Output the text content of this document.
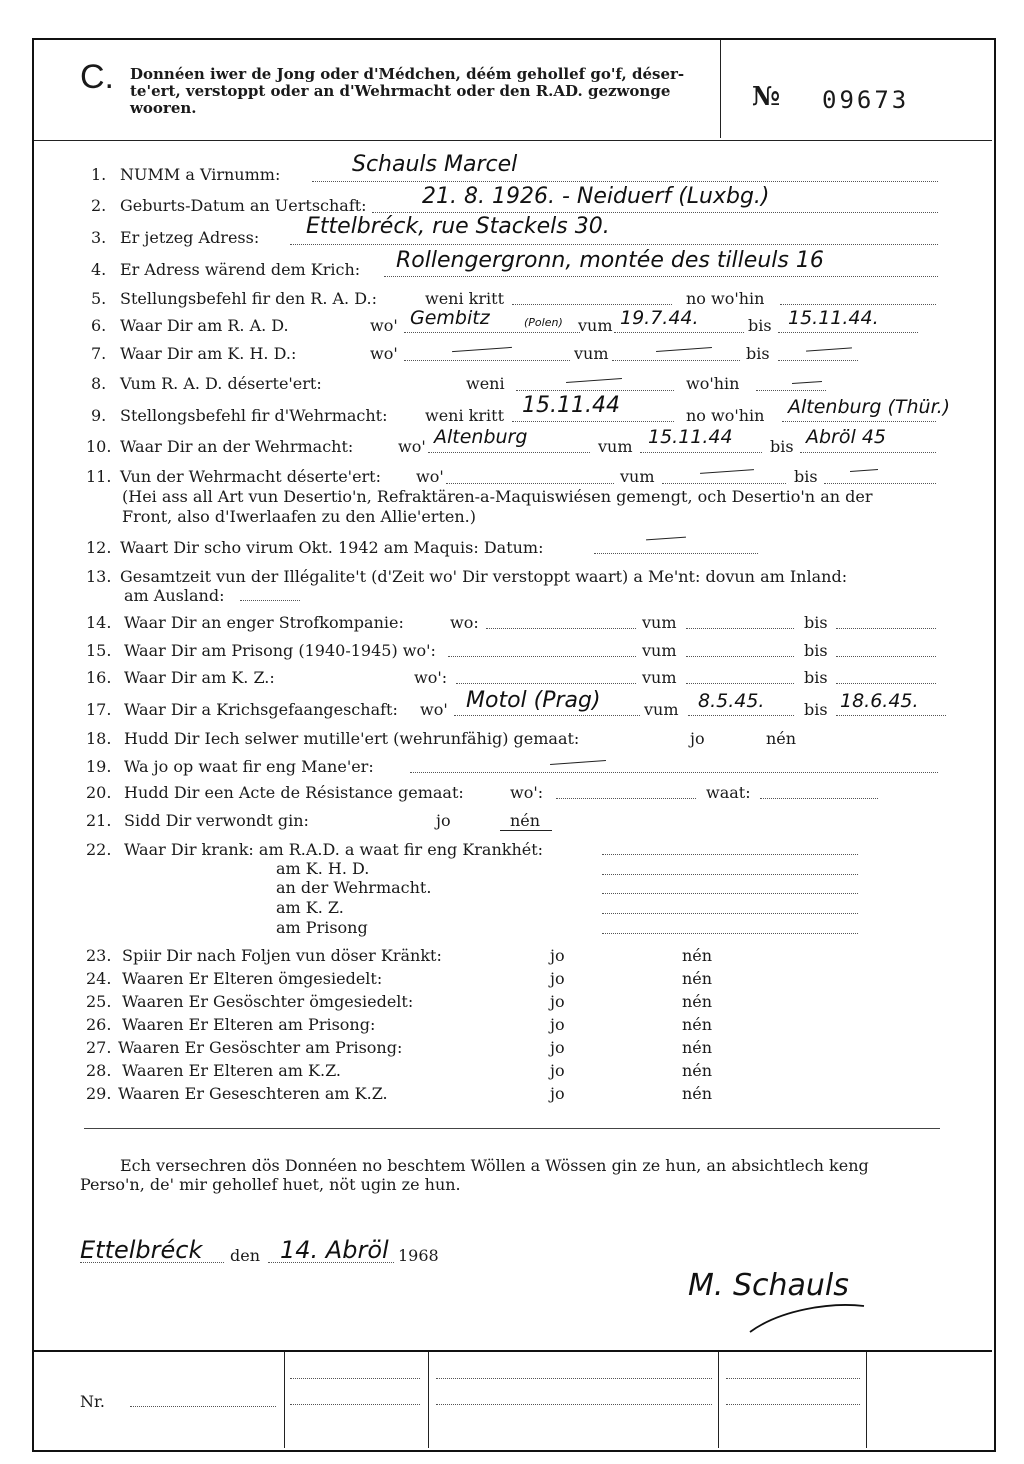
C. Donnéen iwer de Jong oder d'Médchen, déém gehollef go'f, déser-te'ert, verstoppt oder an d'Wehrmacht oder den R.AD. gezwonge wooren.	№ 09673
1. NUMM a Virnumm:	Schauls Marcel
2. Geburts-Datum an Uertschaft:	21. 8. 1926. - Neiduerf (Luxbg.)
3. Er jetzeg Adress: Ettelbréck, rue Stackels 30.
4. Er Adress wärend dem Krich: Rollengergronn, montée des tilleuls 16
5. Stellungsbefehl fir den R. A. D.:	weni kritt	no wo'hin
6. Waar Dir am R. A. D.	wo' Gembitz	(Polen) vum 19.7.44.	bis 15.11.44.
7. Waar Dir am K. H. D.:	wo'	vum	bis
8. Vum R. A. D. déserte'ert:	weni	wo'hin
9. Stellongsbefehl fir d'Wehrmacht: weni kritt 15.11.44	no wo'hin Altenburg (Thür.)
10. Waar Dir an der Wehrmacht:	wo' Altenburg	vum 15.11.44 bis Abröl 45
11. Vun der Wehrmacht déserte'ert: wo'	vum	bis
(Hei ass all Art vun Desertio'n, Refraktären-a-Maquiswiésen gemengt, och Desertio'n an der
Front, also d'Iwerlaafen zu den Allie'erten.)
12. Waart Dir scho virum Okt. 1942 am Maquis: Datum:
13. Gesamtzeit vun der Illégalite't (d'Zeit wo' Dir verstoppt waart) a Me'nt: dovun am Inland:
am Ausland:
14. Waar Dir an enger Strofkompanie:	wo:	vum	bis
15. Waar Dir am Prisong (1940-1945) wo':	vum	bis
16. Waar Dir am K. Z.:	wo':	vum	bis
17. Waar Dir a Krichsgefaangeschaft: wo' Motol (Prag)	vum 8.5.45. bis 18.6.45.
18. Hudd Dir Iech selwer mutille'ert (wehrunfähig) gemaat:	jo	nén
19. Wa jo op waat fir eng Mane'er:
20. Hudd Dir een Acte de Résistance gemaat:	wo':	waat:
21. Sidd Dir verwondt gin:	jo	nén
22. Waar Dir krank: am R.A.D. a waat fir eng Krankhét:
am K. H. D.
an der Wehrmacht.
am K. Z.
am Prisong
23. Spiir Dir nach Foljen vun döser Kränkt:	jo	nén
24. Waaren Er Elteren ömgesiedelt:	jo	nén
25. Waaren Er Gesöschter ömgesiedelt:	jo	nén
26. Waaren Er Elteren am Prisong:	jo	nén
27. Waaren Er Gesöschter am Prisong:	jo	nén
28. Waaren Er Elteren am K.Z.	jo	nén
29. Waaren Er Geseschteren am K.Z.	jo	nén
Ech versechren dös Donnéen no beschtem Wöllen a Wössen gin ze hun, an absichtlech keng
Perso'n, de' mir gehollef huet, nöt ugin ze hun.
Ettelbréck den 14. Abröl 1968
M. Schauls
Nr.
